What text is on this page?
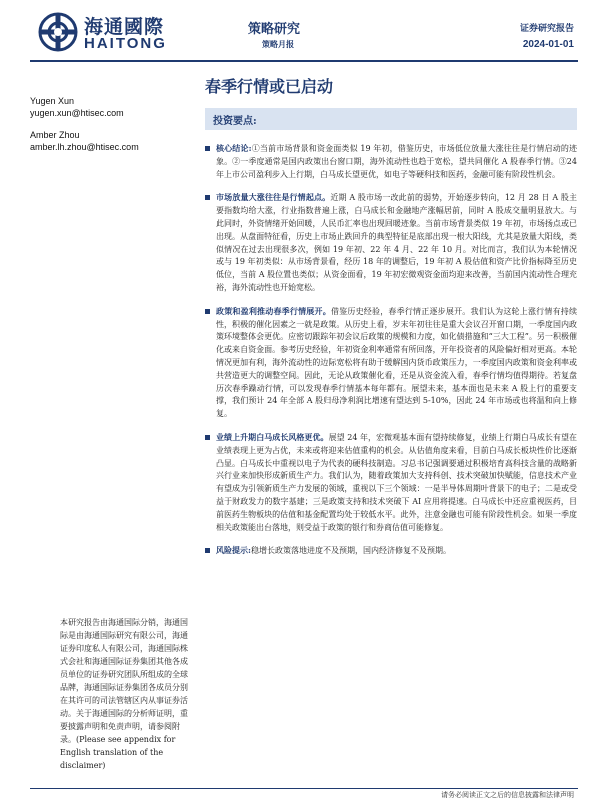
海通國際
HAITONG
策略研究
策略月报
证券研究报告
2024-01-01
春季行情或已启动
Yugen Xun
yugen.xun@htisec.com
Amber Zhou
amber.lh.zhou@htisec.com
投资要点:
核心结论:①当前市场背景和资金面类似 19 年初，借鉴历史，市场低位放量大涨往往是行情启动的迹象。②一季度通常是国内政策出台窗口期，海外流动性也趋于宽松，望共同催化 A 股春季行情。③24 年上市公司盈利步入上行期，白马成长望更优，如电子等硬科技和医药，金融可能有阶段性机会。
市场放量大涨往往是行情起点。近期 A 股市场一改此前的弱势，开始逐步转向，12 月 28 日 A 股主要指数均给大涨，行业指数普遍上涨，白马成长和金融地产涨幅居前，同时 A 股成交量明显放大。与此同时，外资情绪开始回暖，人民币汇率也出现回暖迹象。当前市场背景类似 19 年初，市场扬点或已出现。从盘面特征看，历史上市场止跌回升的典型特征是底部出现一根大阳线，尤其是放量大阳线，类似情况在过去出现很多次，例如 19 年初、22 年 4 月、22 年 10 月。对比而言，我们认为本轮情况或与 19 年初类似：从市场背景看，经历 18 年的调整后，19 年初 A 股估值和资产比价指标降至历史低位，当前 A 股位置也类似；从资金面看，19 年初宏微观资金面均迎来改善，当前国内流动性合理充裕，海外流动性也开始宽松。
政策和盈利推动春季行情展开。借鉴历史经验，春季行情正逐步展开。我们认为这轮上涨行情有持续性，积极的催化因素之一就是政策。从历史上看，岁末年初往往是重大会议召开窗口期，一季度国内政策环境整体会更优。应密切跟踪年初会议后政策的规模和力度，如化债措施和“三大工程”。另一积极催化或来自资金面。参考历史经验，年初资金利率通常有所回落，开年投资者的风险偏好相对更高。本轮情况更加有利，海外流动性的边际宽松将有助于缓解国内货币政策压力，一季度国内政策和资金利率或共营造更大的调整空间。因此，无论从政策催化看，还是从资金流入看，春季行情均值得期待。若复盘历次春季躁动行情，可以发现春季行情基本每年都有。展望未来，基本面也是未来 A 股上行的重要支撑，我们预计 24 年全部 A 股归母净利润比增速有望达到 5-10%，因此 24 年市场或也将温和向上修复。
业绩上升期白马成长风格更优。展望 24 年，宏微观基本面有望持续修复，业绩上行期白马成长有望在业绩表现上更为占优，未来或将迎来估值重构的机会。从估值角度来看，目前白马成长板块性价比逐渐凸显。白马成长中重视以电子为代表的硬科技制造。习总书记强调要通过积极培育高科技含量的战略新兴行业来加快形成新质生产力。我们认为，随着政策加大支持科创、技术突破加快赋能，信息技术产业有望成为引领新质生产力发展的领域，重视以下三个领域：一是半导体周期叶背景下的电子；二是或受益于财政发力的数字基建；三是政策支持和技术突破下 AI 应用将提速。白马成长中还应重视医药，目前医药生物板块的估值和基金配置均处于较低水平。此外，注意金融也可能有阶段性机会。如果一季度相关政策能出台落地，则受益于政策的银行和券商估值可能修复。
风险提示:稳增长政策落地进度不及预期，国内经济修复不及预期。
本研究报告由海通国际分销，海通国际是由海通国际研究有限公司，海通证券印度私人有限公司，海通国际株式会社和海通国际证券集团其他各成员单位的证券研究团队所组成的全球品牌，海通国际证券集团各成员分别在其许可的司法管辖区内从事证券活动。关于海通国际的分析师证明，重要披露声明和免责声明，请参阅附录。(Please see appendix for English translation of the disclaimer)
请务必阅读正文之后的信息披露和法律声明
